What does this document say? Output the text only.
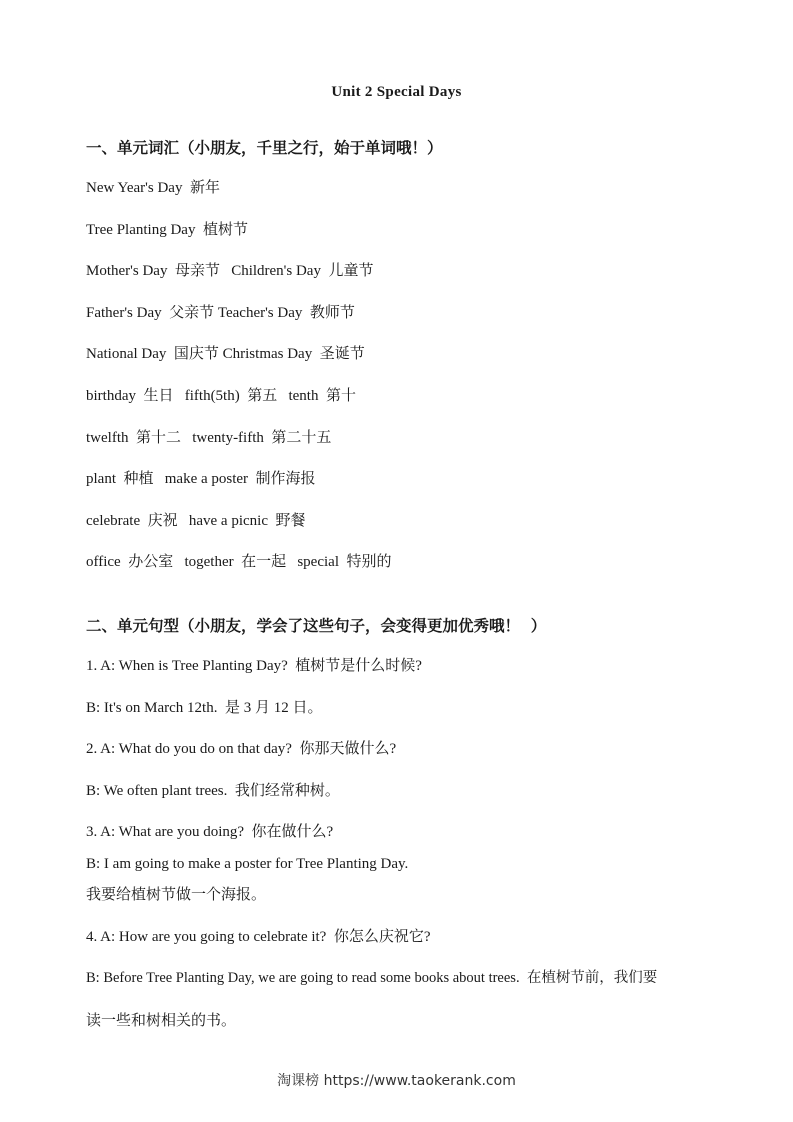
Unit 2 Special Days
一、单元词汇（小朋友，千里之行，始于单词哦！）
New Year's Day  新年
Tree Planting Day  植树节
Mother's Day  母亲节   Children's Day  儿童节
Father's Day  父亲节 Teacher's Day  教师节
National Day  国庆节 Christmas Day  圣诞节
birthday  生日   fifth(5th)  第五   tenth  第十
twelfth  第十二   twenty-fifth  第二十五
plant  种植   make a poster  制作海报
celebrate  庆祝   have a picnic  野餐
office  办公室   together  在一起   special  特别的
二、单元句型（小朋友，学会了这些句子，会变得更加优秀哦！  ）
1. A: When is Tree Planting Day?  植树节是什么时候?
B: It's on March 12th.  是 3 月 12 日。
2. A: What do you do on that day?  你那天做什么?
B: We often plant trees.  我们经常种树。
3. A: What are you doing?  你在做什么?
B: I am going to make a poster for Tree Planting Day.
我要给植树节做一个海报。
4. A: How are you going to celebrate it?  你怎么庆祝它?
B: Before Tree Planting Day, we are going to read some books about trees.  在植树节前，我们要
读一些和树相关的书。
淘课榜 https://www.taokerank.com
